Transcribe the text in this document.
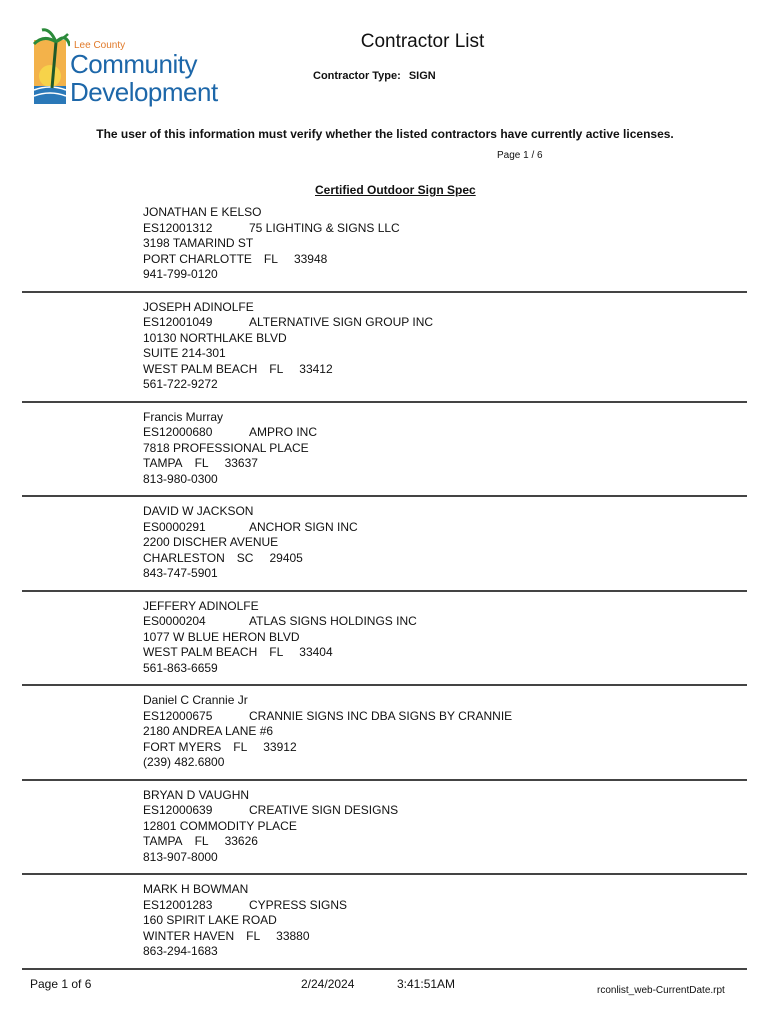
Lee County
Community
Development
Contractor List
Contractor Type: SIGN
The user of this information must verify whether the listed contractors have currently active licenses.
Page 1 / 6
Certified Outdoor Sign Spec
JONATHAN E KELSO
ES12001312	75 LIGHTING & SIGNS LLC
3198 TAMARIND ST
PORT CHARLOTTE FL 33948
941-799-0120
JOSEPH ADINOLFE
ES12001049	ALTERNATIVE SIGN GROUP INC
10130 NORTHLAKE BLVD
SUITE 214-301
WEST PALM BEACH FL 33412
561-722-9272
Francis Murray
ES12000680	AMPRO INC
7818 PROFESSIONAL PLACE
TAMPA FL 33637
813-980-0300
DAVID W JACKSON
ES0000291	ANCHOR SIGN INC
2200 DISCHER AVENUE
CHARLESTON SC 29405
843-747-5901
JEFFERY ADINOLFE
ES0000204	ATLAS SIGNS HOLDINGS INC
1077 W BLUE HERON BLVD
WEST PALM BEACH FL 33404
561-863-6659
Daniel C Crannie Jr
ES12000675	CRANNIE SIGNS INC DBA SIGNS BY CRANNIE
2180 ANDREA LANE #6
FORT MYERS FL 33912
(239) 482.6800
BRYAN D VAUGHN
ES12000639	CREATIVE SIGN DESIGNS
12801 COMMODITY PLACE
TAMPA FL 33626
813-907-8000
MARK H BOWMAN
ES12001283	CYPRESS SIGNS
160 SPIRIT LAKE ROAD
WINTER HAVEN FL 33880
863-294-1683
Page 1 of 6	2/24/2024	3:41:51AM	rconlist_web-CurrentDate.rpt
